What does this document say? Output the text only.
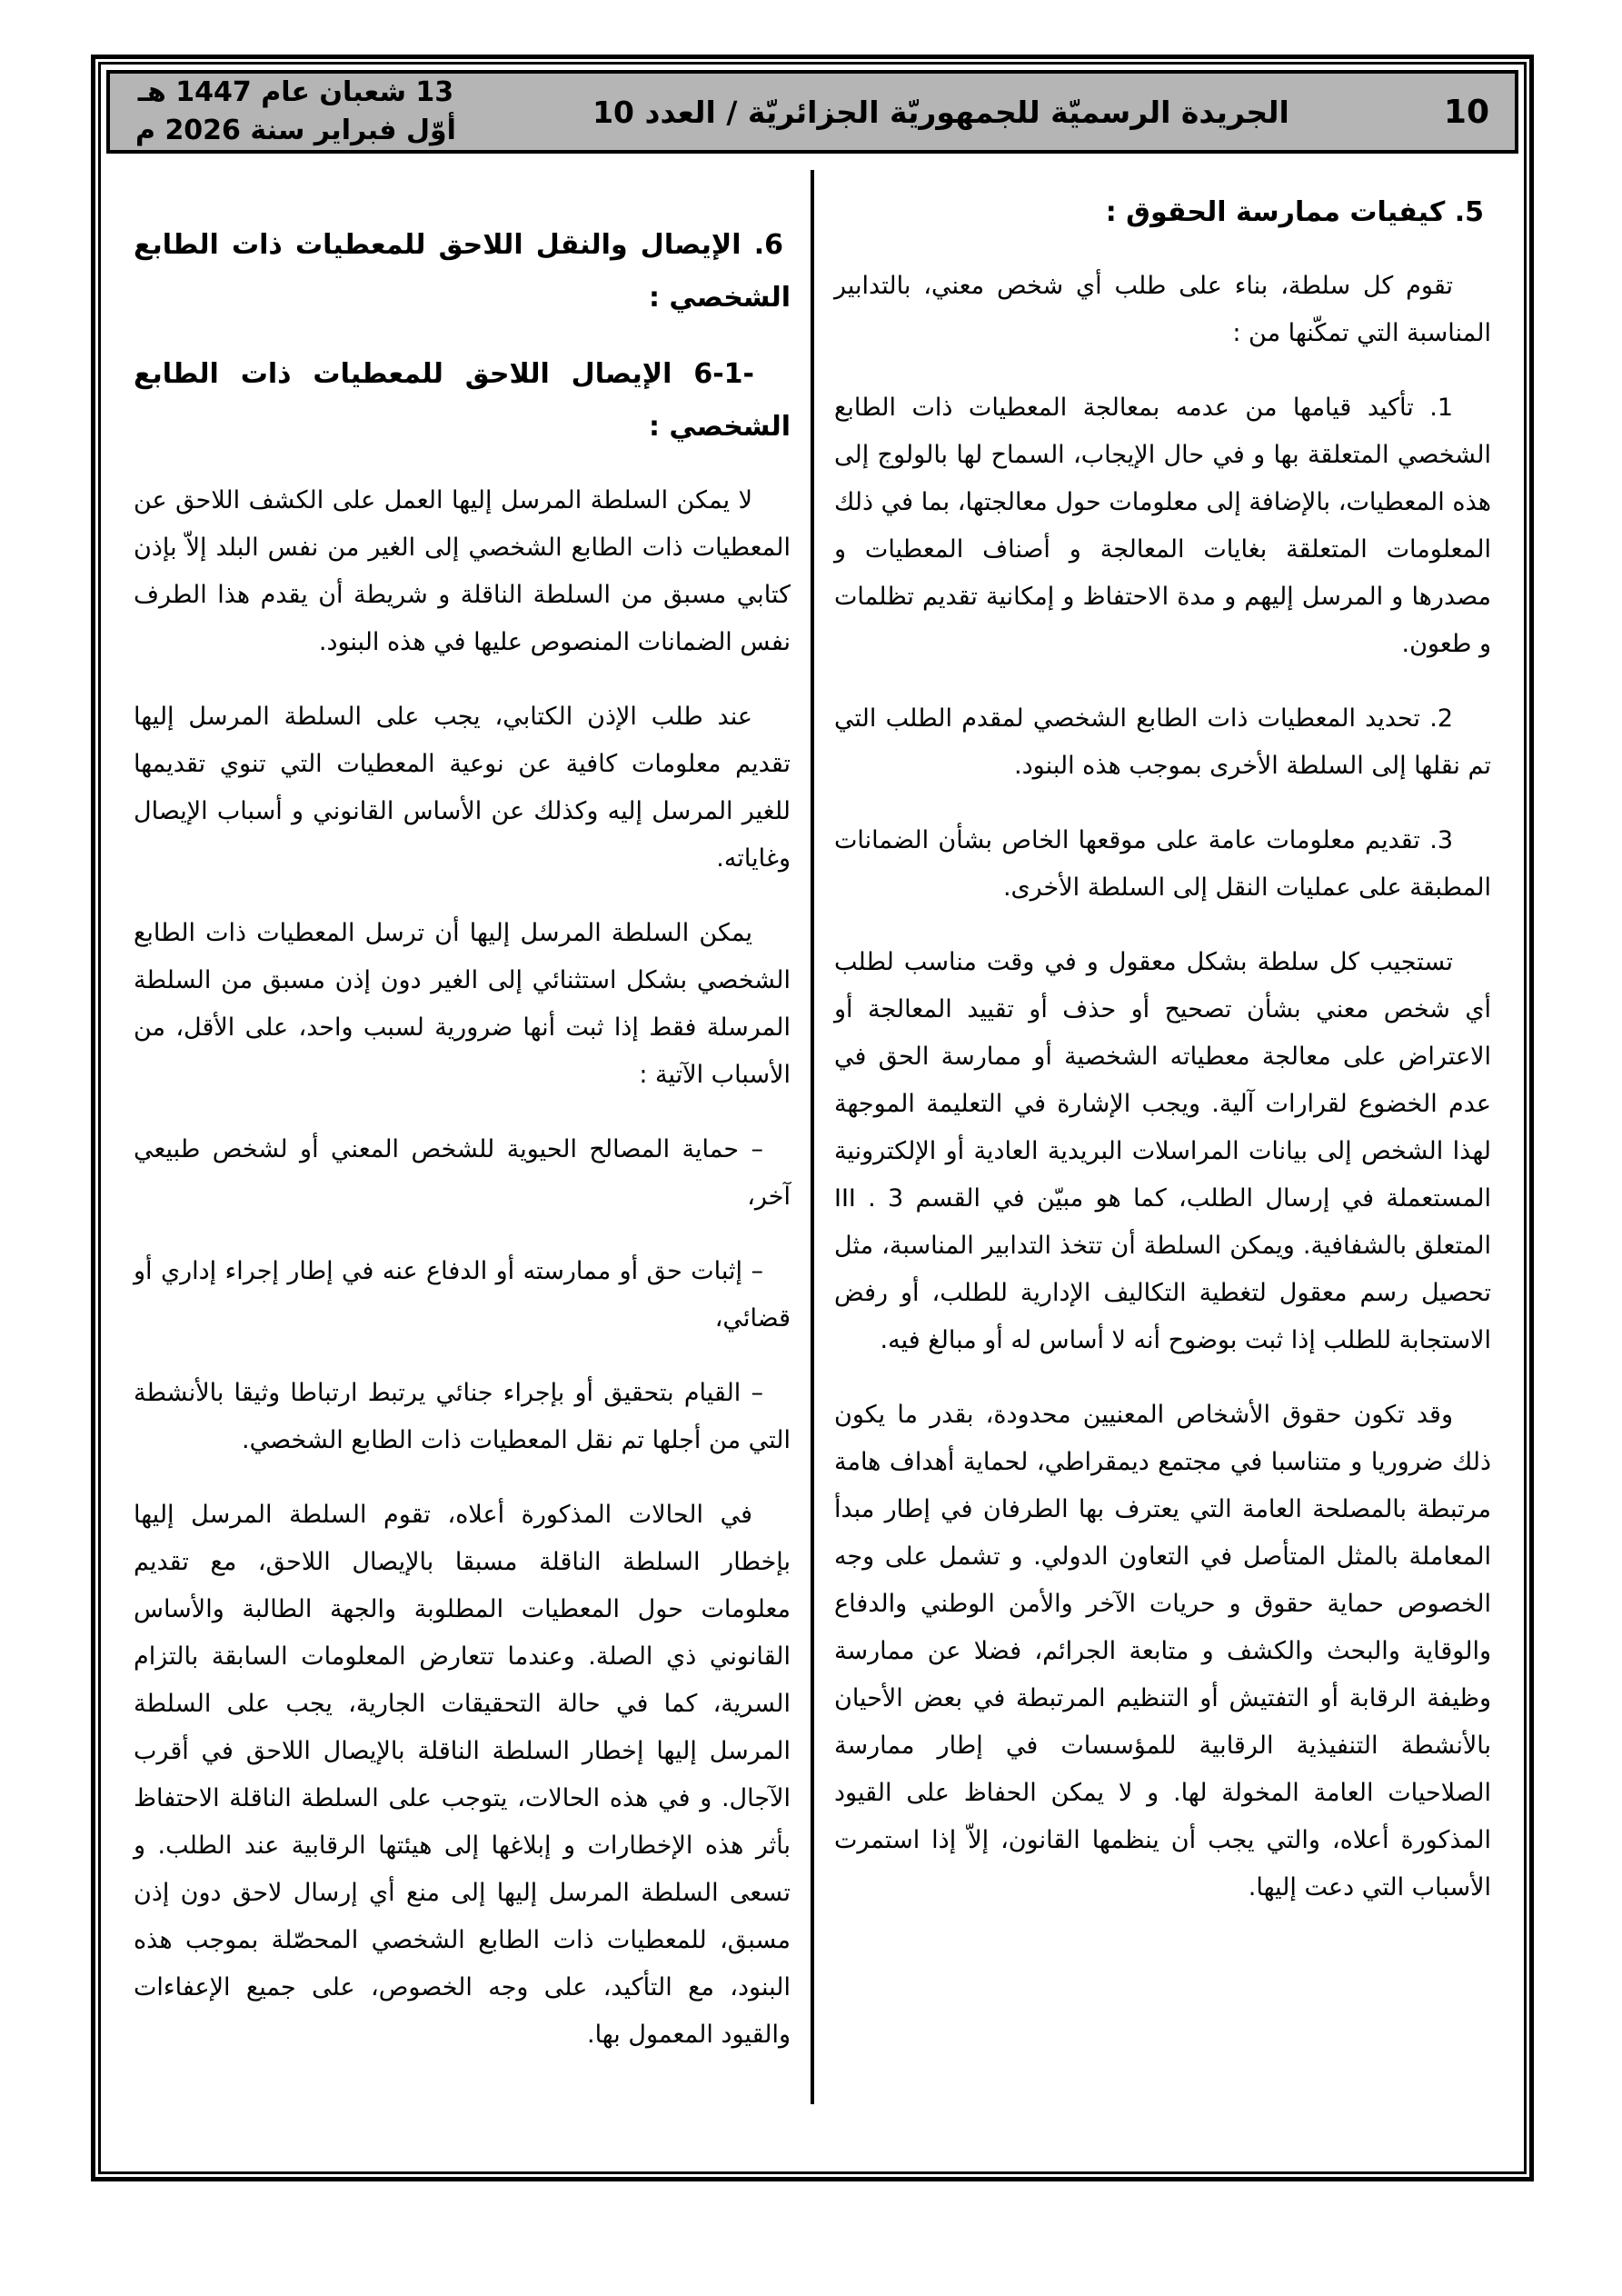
10
الجريدة الرسميّة للجمهوريّة الجزائريّة / العدد 10
13 شعبان عام 1447 هـ
أوّل فبراير سنة 2026 م
5. كيفيات ممارسة الحقوق :

تقوم كل سلطة، بناء على طلب أي شخص معني، بالتدابير المناسبة التي تمكّنها من :

1. تأكيد قيامها من عدمه بمعالجة المعطيات ذات الطابع الشخصي المتعلقة بها و في حال الإيجاب، السماح لها بالولوج إلى هذه المعطيات، بالإضافة إلى معلومات حول معالجتها، بما في ذلك المعلومات المتعلقة بغايات المعالجة و أصناف المعطيات و مصدرها و المرسل إليهم و مدة الاحتفاظ و إمكانية تقديم تظلمات و طعون.

2. تحديد المعطيات ذات الطابع الشخصي لمقدم الطلب التي تم نقلها إلى السلطة الأخرى بموجب هذه البنود.

3. تقديم معلومات عامة على موقعها الخاص بشأن الضمانات المطبقة على عمليات النقل إلى السلطة الأخرى.

تستجيب كل سلطة بشكل معقول و في وقت مناسب لطلب أي شخص معني بشأن تصحيح أو حذف أو تقييد المعالجة أو الاعتراض على معالجة معطياته الشخصية أو ممارسة الحق في عدم الخضوع لقرارات آلية. ويجب الإشارة في التعليمة الموجهة لهذا الشخص إلى بيانات المراسلات البريدية العادية أو الإلكترونية المستعملة في إرسال الطلب، كما هو مبيّن في القسم III . 3 المتعلق بالشفافية. ويمكن السلطة أن تتخذ التدابير المناسبة، مثل تحصيل رسم معقول لتغطية التكاليف الإدارية للطلب، أو رفض الاستجابة للطلب إذا ثبت بوضوح أنه لا أساس له أو مبالغ فيه.

وقد تكون حقوق الأشخاص المعنيين محدودة، بقدر ما يكون ذلك ضروريا و متناسبا في مجتمع ديمقراطي، لحماية أهداف هامة مرتبطة بالمصلحة العامة التي يعترف بها الطرفان في إطار مبدأ المعاملة بالمثل المتأصل في التعاون الدولي. و تشمل على وجه الخصوص حماية حقوق و حريات الآخر والأمن الوطني والدفاع والوقاية والبحث والكشف و متابعة الجرائم، فضلا عن ممارسة وظيفة الرقابة أو التفتيش أو التنظيم المرتبطة في بعض الأحيان بالأنشطة التنفيذية الرقابية للمؤسسات في إطار ممارسة الصلاحيات العامة المخولة لها. و لا يمكن الحفاظ على القيود المذكورة أعلاه، والتي يجب أن ينظمها القانون، إلاّ إذا استمرت الأسباب التي دعت إليها.

6. الإيصال والنقل اللاحق للمعطيات ذات الطابع الشخصي :
6-1- الإيصال اللاحق للمعطيات ذات الطابع الشخصي :

لا يمكن السلطة المرسل إليها العمل على الكشف اللاحق عن المعطيات ذات الطابع الشخصي إلى الغير من نفس البلد إلاّ بإذن كتابي مسبق من السلطة الناقلة و شريطة أن يقدم هذا الطرف نفس الضمانات المنصوص عليها في هذه البنود.

عند طلب الإذن الكتابي، يجب على السلطة المرسل إليها تقديم معلومات كافية عن نوعية المعطيات التي تنوي تقديمها للغير المرسل إليه وكذلك عن الأساس القانوني و أسباب الإيصال وغاياته.

يمكن السلطة المرسل إليها أن ترسل المعطيات ذات الطابع الشخصي بشكل استثنائي إلى الغير دون إذن مسبق من السلطة المرسلة فقط إذا ثبت أنها ضرورية لسبب واحد، على الأقل، من الأسباب الآتية :

– حماية المصالح الحيوية للشخص المعني أو لشخص طبيعي آخر،

– إثبات حق أو ممارسته أو الدفاع عنه في إطار إجراء إداري أو قضائي،

– القيام بتحقيق أو بإجراء جنائي يرتبط ارتباطا وثيقا بالأنشطة التي من أجلها تم نقل المعطيات ذات الطابع الشخصي.

في الحالات المذكورة أعلاه، تقوم السلطة المرسل إليها بإخطار السلطة الناقلة مسبقا بالإيصال اللاحق، مع تقديم معلومات حول المعطيات المطلوبة والجهة الطالبة والأساس القانوني ذي الصلة. وعندما تتعارض المعلومات السابقة بالتزام السرية، كما في حالة التحقيقات الجارية، يجب على السلطة المرسل إليها إخطار السلطة الناقلة بالإيصال اللاحق في أقرب الآجال. و في هذه الحالات، يتوجب على السلطة الناقلة الاحتفاظ بأثر هذه الإخطارات و إبلاغها إلى هيئتها الرقابية عند الطلب. و تسعى السلطة المرسل إليها إلى منع أي إرسال لاحق دون إذن مسبق، للمعطيات ذات الطابع الشخصي المحصّلة بموجب هذه البنود، مع التأكيد، على وجه الخصوص، على جميع الإعفاءات والقيود المعمول بها.
